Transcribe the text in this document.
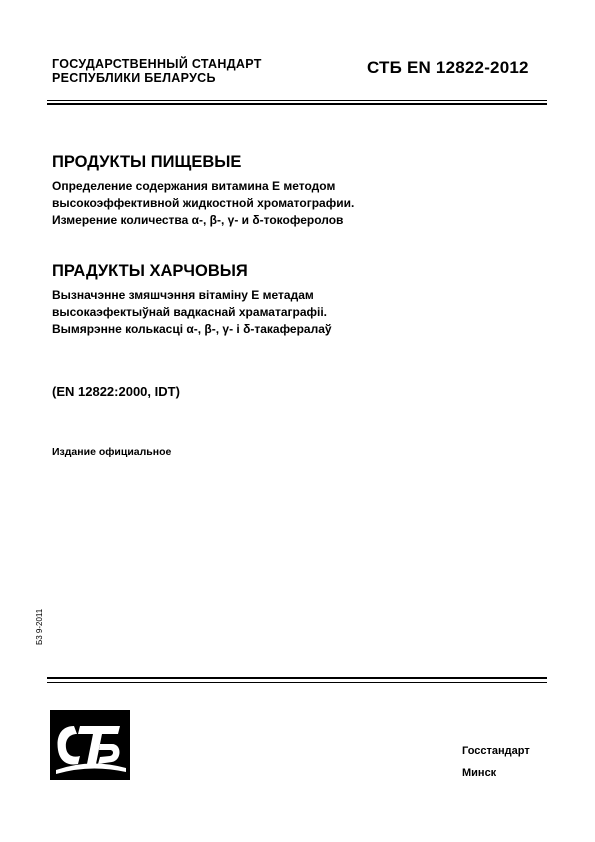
ГОСУДАРСТВЕННЫЙ СТАНДАРТ
РЕСПУБЛИКИ БЕЛАРУСЬ
СТБ EN 12822-2012
ПРОДУКТЫ ПИЩЕВЫЕ
Определение содержания витамина Е методом
высокоэффективной жидкостной хроматографии.
Измерение количества α-, β-, γ- и δ-токоферолов
ПРАДУКТЫ ХАРЧОВЫЯ
Вызначэнне змяшчэння вітаміну Е метадам
высокаэфектыўнай вадкаснай храматаграфіі.
Вымярэнне колькасці α-, β-, γ- і δ-такафералаў
(EN 12822:2000, IDT)
Издание официальное
Б3 9-2011
Госстандарт
Минск
